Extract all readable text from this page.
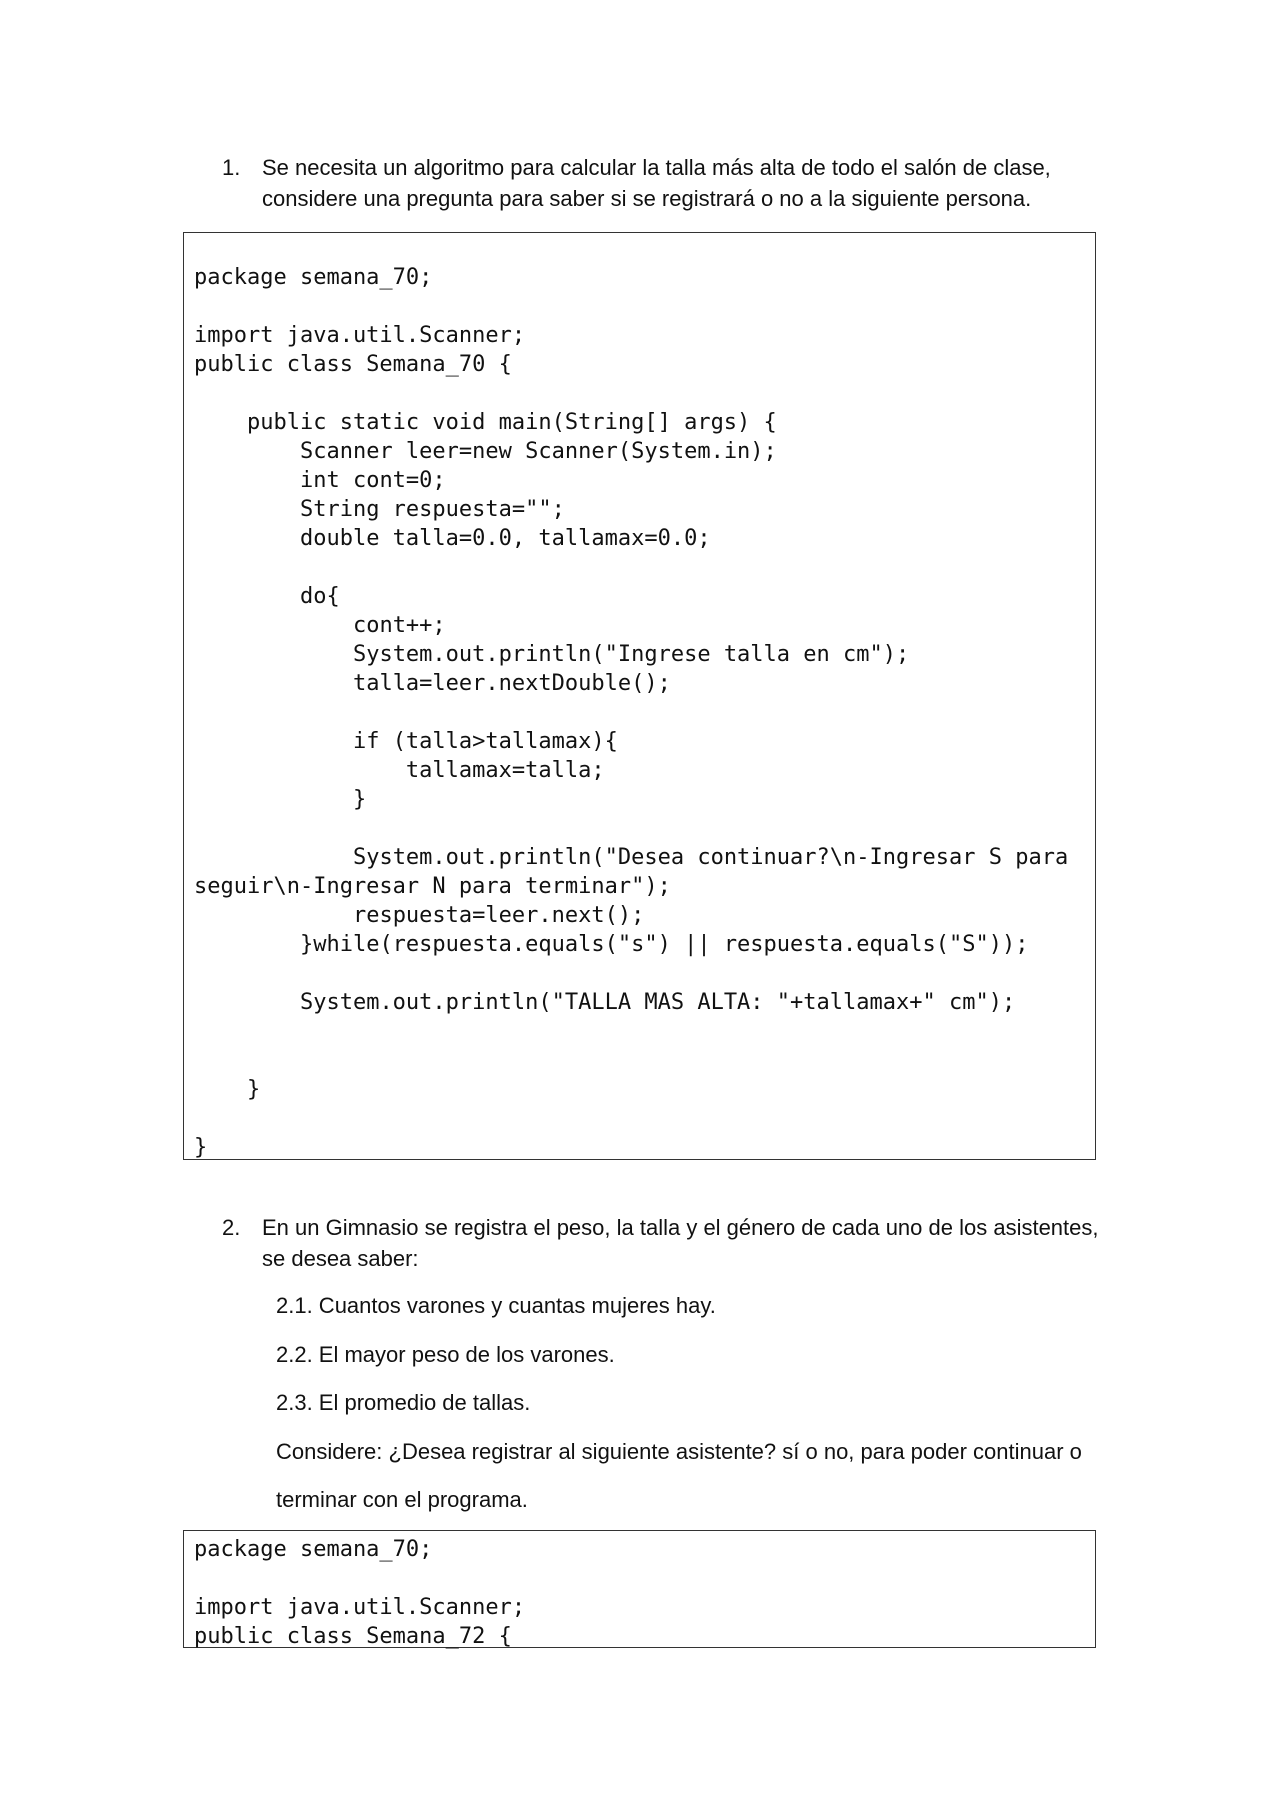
1. Se necesita un algoritmo para calcular la talla más alta de todo el salón de clase, considere una pregunta para saber si se registrará o no a la siguiente persona.
package semana_70;
import java.util.Scanner;
public class Semana_70 {
public static void main(String[] args) {
Scanner leer=new Scanner(System.in);
int cont=0;
String respuesta="";
double talla=0.0, tallamax=0.0;
do{
cont++;
System.out.println("Ingrese talla en cm");
talla=leer.nextDouble();
if (talla>tallamax){
tallamax=talla;
}
System.out.println("Desea continuar?\n-Ingresar S para seguir\n-Ingresar N para terminar");
respuesta=leer.next();
}while(respuesta.equals("s") || respuesta.equals("S"));
System.out.println("TALLA MAS ALTA: "+tallamax+" cm");
}
}
2. En un Gimnasio se registra el peso, la talla y el género de cada uno de los asistentes, se desea saber:
2.1. Cuantos varones y cuantas mujeres hay.
2.2. El mayor peso de los varones.
2.3. El promedio de tallas.
Considere: ¿Desea registrar al siguiente asistente? sí o no, para poder continuar o
terminar con el programa.
package semana_70;
import java.util.Scanner;
public class Semana_72 {
